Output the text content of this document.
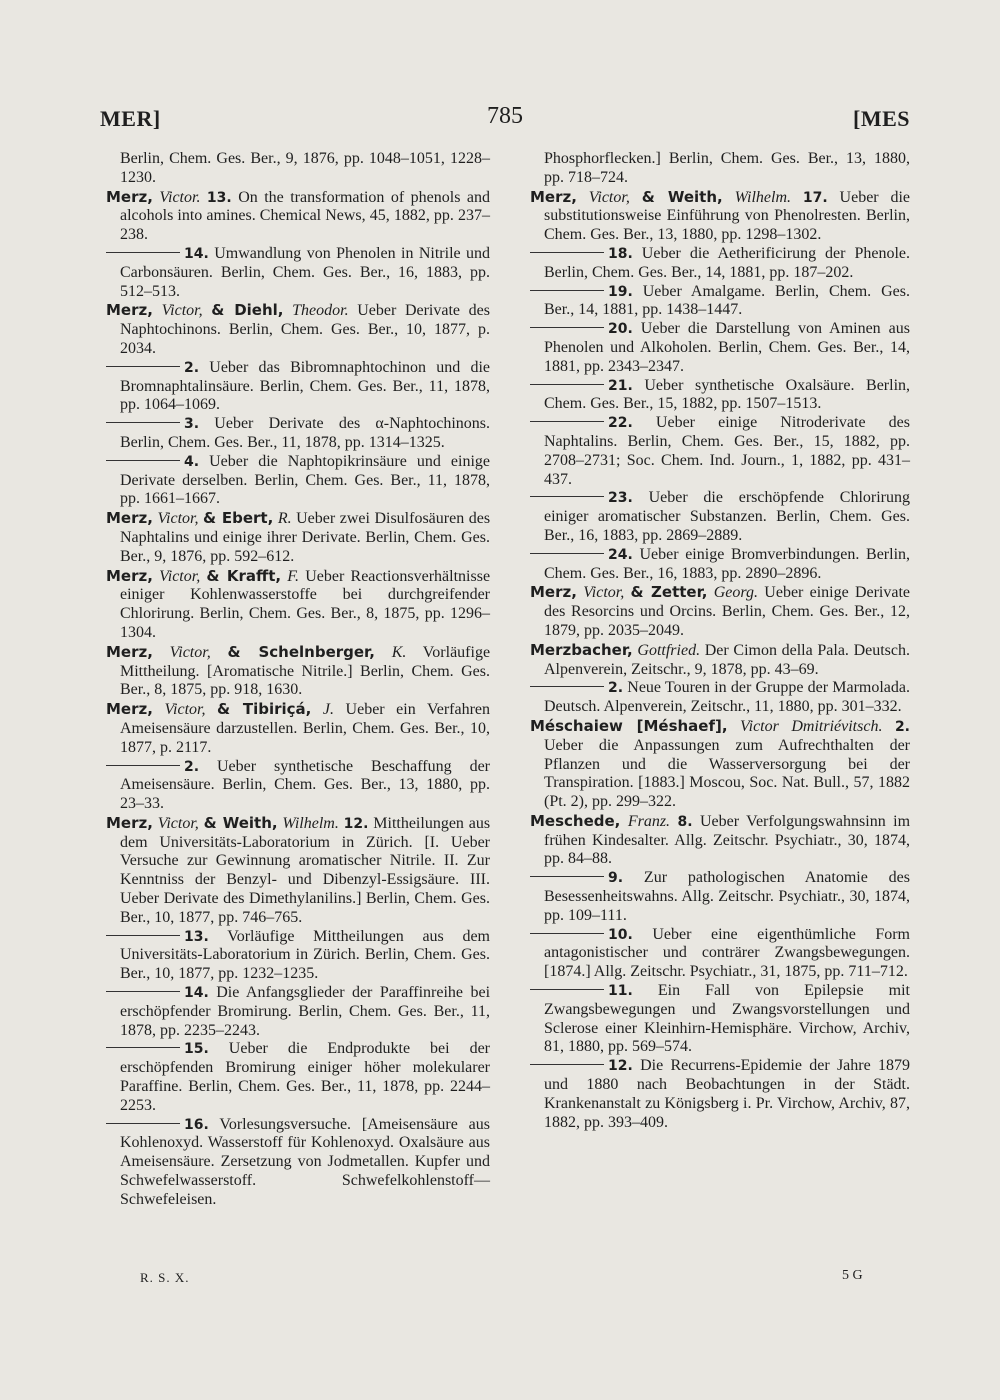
MER]	785	[MES

Berlin, Chem. Ges. Ber., 9, 1876, pp. 1048–1051, 1228–1230.

Merz, Victor. 13. On the transformation of phenols and alcohols into amines. Chemical News, 45, 1882, pp. 237–238.

14. Umwandlung von Phenolen in Nitrile und Carbonsäuren. Berlin, Chem. Ges. Ber., 16, 1883, pp. 512–513.

Merz, Victor, & Diehl, Theodor. Ueber Derivate des Naphtochinons. Berlin, Chem. Ges. Ber., 10, 1877, p. 2034.

2. Ueber das Bibromnaphtochinon und die Bromnaphtalinsäure. Berlin, Chem. Ges. Ber., 11, 1878, pp. 1064–1069.

3. Ueber Derivate des α-Naphtochinons. Berlin, Chem. Ges. Ber., 11, 1878, pp. 1314–1325.

4. Ueber die Naphtopikrinsäure und einige Derivate derselben. Berlin, Chem. Ges. Ber., 11, 1878, pp. 1661–1667.

Merz, Victor, & Ebert, R. Ueber zwei Disulfosäuren des Naphtalins und einige ihrer Derivate. Berlin, Chem. Ges. Ber., 9, 1876, pp. 592–612.

Merz, Victor, & Krafft, F. Ueber Reactionsverhältnisse einiger Kohlenwasserstoffe bei durchgreifender Chlorirung. Berlin, Chem. Ges. Ber., 8, 1875, pp. 1296–1304.

Merz, Victor, & Schelnberger, K. Vorläufige Mittheilung. [Aromatische Nitrile.] Berlin, Chem. Ges. Ber., 8, 1875, pp. 918, 1630.

Merz, Victor, & Tibiriçá, J. Ueber ein Verfahren Ameisensäure darzustellen. Berlin, Chem. Ges. Ber., 10, 1877, p. 2117.

2. Ueber synthetische Beschaffung der Ameisensäure. Berlin, Chem. Ges. Ber., 13, 1880, pp. 23–33.

Merz, Victor, & Weith, Wilhelm. 12. Mittheilungen aus dem Universitäts-Laboratorium in Zürich. [I. Ueber Versuche zur Gewinnung aromatischer Nitrile. II. Zur Kenntniss der Benzyl- und Dibenzyl-Essigsäure. III. Ueber Derivate des Dimethylanilins.] Berlin, Chem. Ges. Ber., 10, 1877, pp. 746–765.

13. Vorläufige Mittheilungen aus dem Universitäts-Laboratorium in Zürich. Berlin, Chem. Ges. Ber., 10, 1877, pp. 1232–1235.

14. Die Anfangsglieder der Paraffinreihe bei erschöpfender Bromirung. Berlin, Chem. Ges. Ber., 11, 1878, pp. 2235–2243.

15. Ueber die Endprodukte bei der erschöpfenden Bromirung einiger höher molekularer Paraffine. Berlin, Chem. Ges. Ber., 11, 1878, pp. 2244–2253.

16. Vorlesungsversuche. [Ameisensäure aus Kohlenoxyd. Wasserstoff für Kohlenoxyd. Oxalsäure aus Ameisensäure. Zersetzung von Jodmetallen. Kupfer und Schwefelwasserstoff. Schwefelkohlenstoff—Schwefeleisen.

Phosphorflecken.] Berlin, Chem. Ges. Ber., 13, 1880, pp. 718–724.

Merz, Victor, & Weith, Wilhelm. 17. Ueber die substitutionsweise Einführung von Phenolresten. Berlin, Chem. Ges. Ber., 13, 1880, pp. 1298–1302.

18. Ueber die Aetherificirung der Phenole. Berlin, Chem. Ges. Ber., 14, 1881, pp. 187–202.

19. Ueber Amalgame. Berlin, Chem. Ges. Ber., 14, 1881, pp. 1438–1447.

20. Ueber die Darstellung von Aminen aus Phenolen und Alkoholen. Berlin, Chem. Ges. Ber., 14, 1881, pp. 2343–2347.

21. Ueber synthetische Oxalsäure. Berlin, Chem. Ges. Ber., 15, 1882, pp. 1507–1513.

22. Ueber einige Nitroderivate des Naphtalins. Berlin, Chem. Ges. Ber., 15, 1882, pp. 2708–2731; Soc. Chem. Ind. Journ., 1, 1882, pp. 431–437.

23. Ueber die erschöpfende Chlorirung einiger aromatischer Substanzen. Berlin, Chem. Ges. Ber., 16, 1883, pp. 2869–2889.

24. Ueber einige Bromverbindungen. Berlin, Chem. Ges. Ber., 16, 1883, pp. 2890–2896.

Merz, Victor, & Zetter, Georg. Ueber einige Derivate des Resorcins und Orcins. Berlin, Chem. Ges. Ber., 12, 1879, pp. 2035–2049.

Merzbacher, Gottfried. Der Cimon della Pala. Deutsch. Alpenverein, Zeitschr., 9, 1878, pp. 43–69.

2. Neue Touren in der Gruppe der Marmolada. Deutsch. Alpenverein, Zeitschr., 11, 1880, pp. 301–332.

Méschaiew [Méshaef], Victor Dmitriévitsch. 2. Ueber die Anpassungen zum Aufrechthalten der Pflanzen und die Wasserversorgung bei der Transpiration. [1883.] Moscou, Soc. Nat. Bull., 57, 1882 (Pt. 2), pp. 299–322.

Meschede, Franz. 8. Ueber Verfolgungswahnsinn im frühen Kindesalter. Allg. Zeitschr. Psychiatr., 30, 1874, pp. 84–88.

9. Zur pathologischen Anatomie des Besessenheitswahns. Allg. Zeitschr. Psychiatr., 30, 1874, pp. 109–111.

10. Ueber eine eigenthümliche Form antagonistischer und conträrer Zwangsbewegungen. [1874.] Allg. Zeitschr. Psychiatr., 31, 1875, pp. 711–712.

11. Ein Fall von Epilepsie mit Zwangsbewegungen und Zwangsvorstellungen und Sclerose einer Kleinhirn-Hemisphäre. Virchow, Archiv, 81, 1880, pp. 569–574.

12. Die Recurrens-Epidemie der Jahre 1879 und 1880 nach Beobachtungen in der Städt. Krankenanstalt zu Königsberg i. Pr. Virchow, Archiv, 87, 1882, pp. 393–409.

R. S. X.	5 G
